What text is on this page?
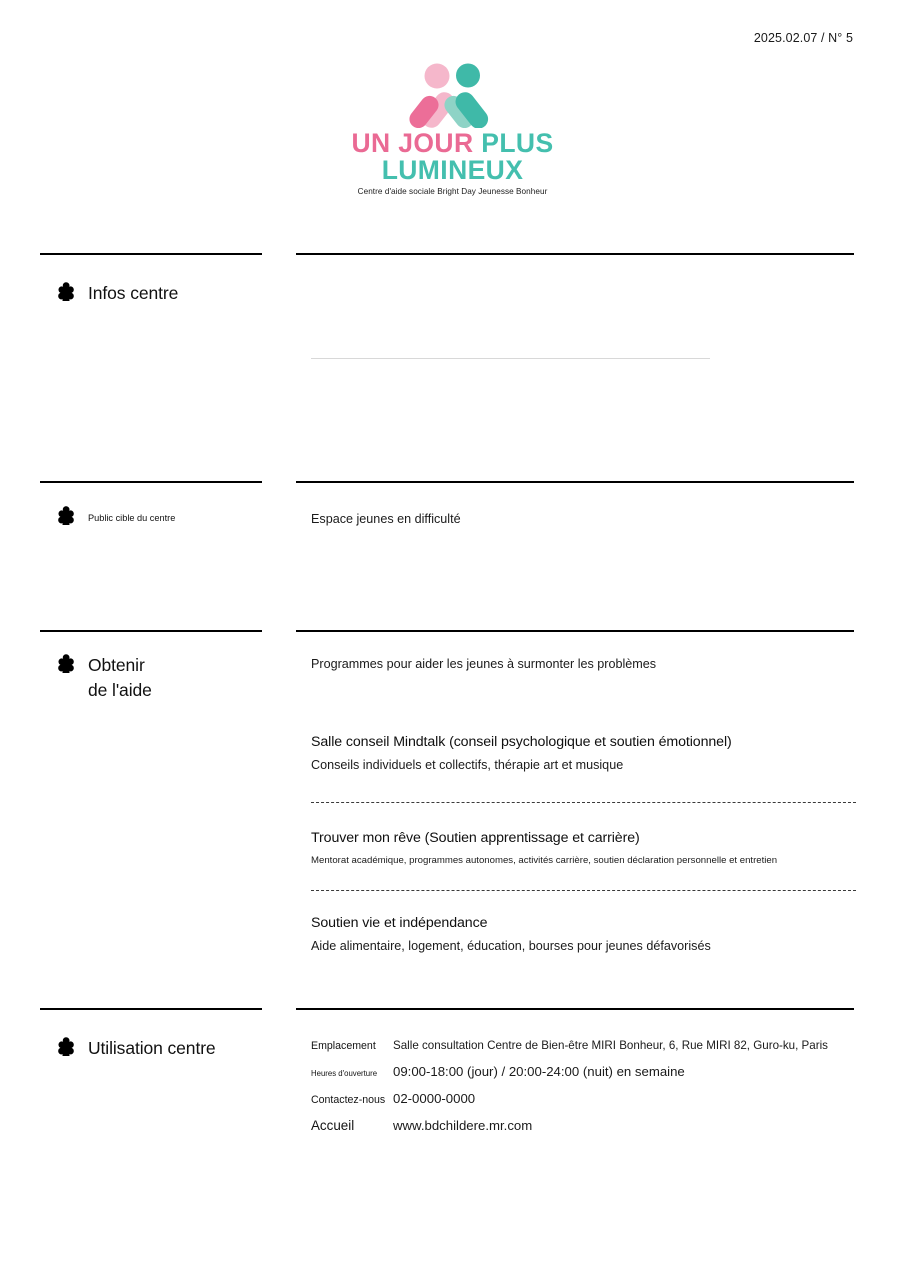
2025.02.07 / N° 5
UN JOUR PLUS LUMINEUX
Centre d'aide sociale Bright Day Jeunesse Bonheur
Infos centre
Public cible du centre	Espace jeunes en difficulté
Obtenir
de l'aide
Programmes pour aider les jeunes à surmonter les problèmes
Salle conseil Mindtalk (conseil psychologique et soutien émotionnel)
Conseils individuels et collectifs, thérapie art et musique
Trouver mon rêve (Soutien apprentissage et carrière)
Mentorat académique, programmes autonomes, activités carrière, soutien déclaration personnelle et entretien
Soutien vie et indépendance
Aide alimentaire, logement, éducation, bourses pour jeunes défavorisés
Utilisation centre	Emplacement	Salle consultation Centre de Bien-être MIRI Bonheur, 6, Rue MIRI 82, Guro-ku, Paris
Heures d'ouverture	09:00-18:00 (jour) / 20:00-24:00 (nuit) en semaine
Contactez-nous 02-0000-0000
Accueil	www.bdchildere.mr.com
